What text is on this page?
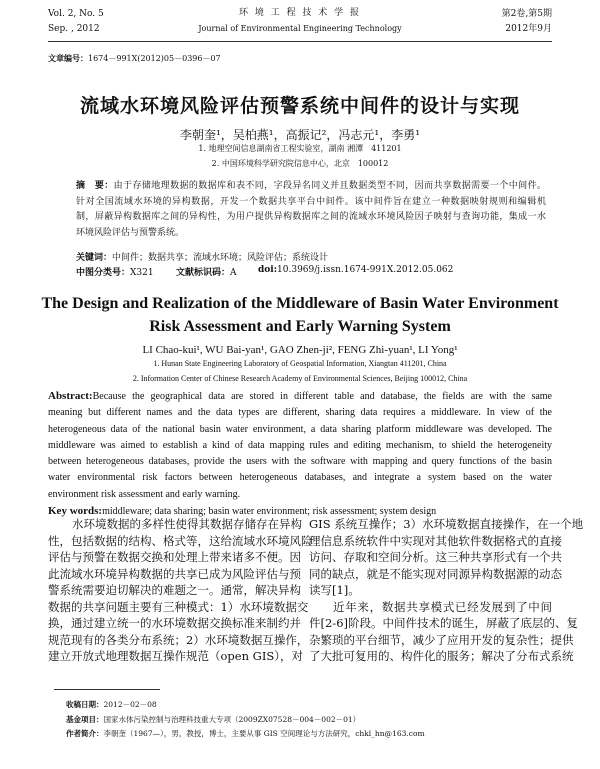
Vol. 2, No. 5
Sep. , 2012
环 境 工 程 技 术 学 报
Journal of Environmental Engineering Technology
第2卷,第5期
2012年9月
文章编号：1674－991X(2012)05－0396－07
流域水环境风险评估预警系统中间件的设计与实现
李朝奎¹，吴柏燕¹，高振记²，冯志元¹，李勇¹
1. 地理空间信息湖南省工程实验室，湖南 湘潭　411201
2. 中国环境科学研究院信息中心，北京　100012
摘　要：由于存储地理数据的数据库和表不同，字段异名同义并且数据类型不同，因而共享数据需要一个中间件。
针对全国流域水环境的异构数据，开发一个数据共享平台中间件。该中间件旨在建立一种数据映射规则和编辑机
制，屏蔽异构数据库之间的异构性，为用户提供异构数据库之间的流域水环境风险因子映射与查询功能，集成一水
环境风险评估与预警系统。
关键词：中间件；数据共享；流域水环境；风险评估；系统设计
中图分类号：X321 文献标识码：A doi:10.3969/j.issn.1674-991X.2012.05.062
The Design and Realization of the Middleware of Basin Water Environment
Risk Assessment and Early Warning System
LI Chao-kui¹, WU Bai-yan¹, GAO Zhen-ji², FENG Zhi-yuan¹, LI Yong¹
1. Hunan State Engineering Laboratory of Geospatial Information, Xiangtan 411201, China
2. Information Center of Chinese Research Academy of Environmental Sciences, Beijing 100012, China
Abstract:Because the geographical data are stored in different table and database, the fields are with the same
meaning but different names and the data types are different, sharing data requires a middleware. In view of the
heterogeneous data of the national basin water environment, a data sharing platform middleware was developed. The
middleware was aimed to establish a kind of data mapping rules and editing mechanism, to shield the heterogeneity
between heterogeneous databases, provide the users with the software with mapping and query functions of the basin
water environmental risk factors between heterogeneous databases, and integrate a system based on the water
environment risk assessment and early warning.
Key words:middleware; data sharing; basin water environment; risk assessment; system design
水环境数据的多样性使得其数据存储存在异构
性，包括数据的结构、格式等，这给流域水环境风险
评估与预警在数据交换和处理上带来诸多不便。因
此流域水环境异构数据的共享已成为风险评估与预
警系统需要迫切解决的难题之一。通常，解决异构
数据的共享问题主要有三种模式：1）水环境数据交
换，通过建立统一的水环境数据交换标准来制约并
规范现有的各类分布系统；2）水环境数据互操作，
建立开放式地理数据互操作规范（open GIS），对
GIS 系统互操作；3）水环境数据直接操作，在一个地
理信息系统软件中实现对其他软件数据格式的直接
访问、存取和空间分析。这三种共享形式有一个共
同的缺点，就是不能实现对同源异构数据源的动态
读写[1]。
近年来，数据共享模式已经发展到了中间
件[2-6]阶段。中间件技术的诞生，屏蔽了底层的、复
杂繁琐的平台细节，减少了应用开发的复杂性；提供
了大批可复用的、构件化的服务；解决了分布式系统
收稿日期：2012－02－08
基金项目：国家水体污染控制与治理科技重大专项（2009ZX07528－004－002－01）
作者简介：李朝奎（1967—），男，教授，博士，主要从事 GIS 空间理论与方法研究，chkl_hn@163.com
